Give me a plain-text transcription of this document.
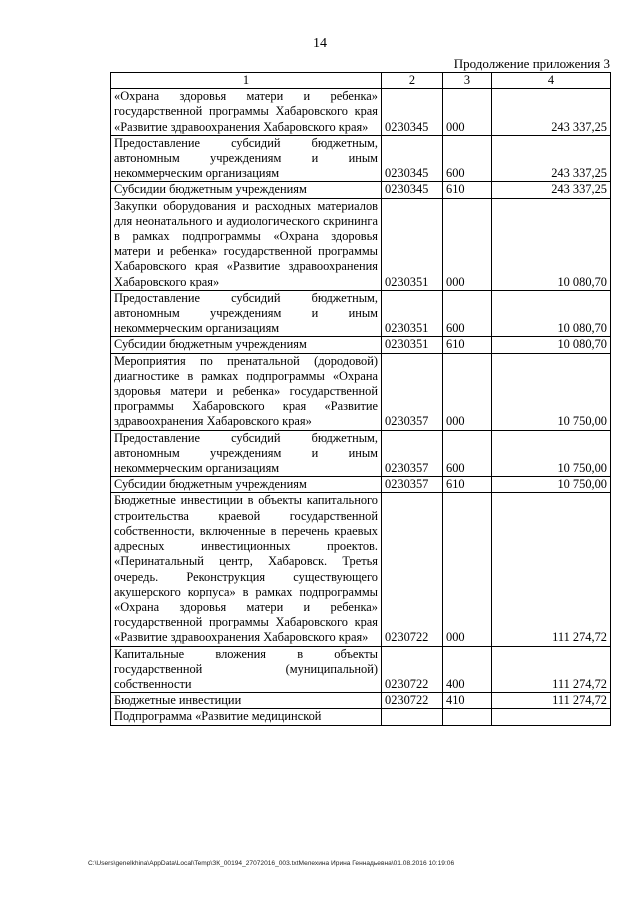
14
Продолжение приложения 3
1	2	3	4
«Охрана здоровья матери и ребенка» государственной программы Хабаровского края «Развитие здравоохранения Хабаровского края»	0230345	000	243 337,25
Предоставление субсидий бюджетным, автономным учреждениям и иным некоммерческим организациям	0230345	600	243 337,25
Субсидии бюджетным учреждениям	0230345	610	243 337,25
Закупки оборудования и расходных материалов для неонатального и аудиологического скрининга в рамках подпрограммы «Охрана здоровья матери и ребенка» государственной программы Хабаровского края «Развитие здравоохранения Хабаровского края»	0230351	000	10 080,70
Предоставление субсидий бюджетным, автономным учреждениям и иным некоммерческим организациям	0230351	600	10 080,70
Субсидии бюджетным учреждениям	0230351	610	10 080,70
Мероприятия по пренатальной (дородовой) диагностике в рамках подпрограммы «Охрана здоровья матери и ребенка» государственной программы Хабаровского края «Развитие здравоохранения Хабаровского края»	0230357	000	10 750,00
Предоставление субсидий бюджетным, автономным учреждениям и иным некоммерческим организациям	0230357	600	10 750,00
Субсидии бюджетным учреждениям	0230357	610	10 750,00
Бюджетные инвестиции в объекты капитального строительства краевой государственной собственности, включенные в перечень краевых адресных инвестиционных проектов. «Перинатальный центр, Хабаровск. Третья очередь. Реконструкция существующего акушерского корпуса» в рамках подпрограммы «Охрана здоровья матери и ребенка» государственной программы Хабаровского края «Развитие здравоохранения Хабаровского края»	0230722	000	111 274,72
Капитальные вложения в объекты государственной (муниципальной) собственности	0230722	400	111 274,72
Бюджетные инвестиции	0230722	410	111 274,72
Подпрограмма «Развитие медицинской			
C:\Users\genelkhina\AppData\Local\Temp\ЗК_00194_27072016_003.txtМелехина Ирина Геннадьевна\01.08.2016 10:19:06
